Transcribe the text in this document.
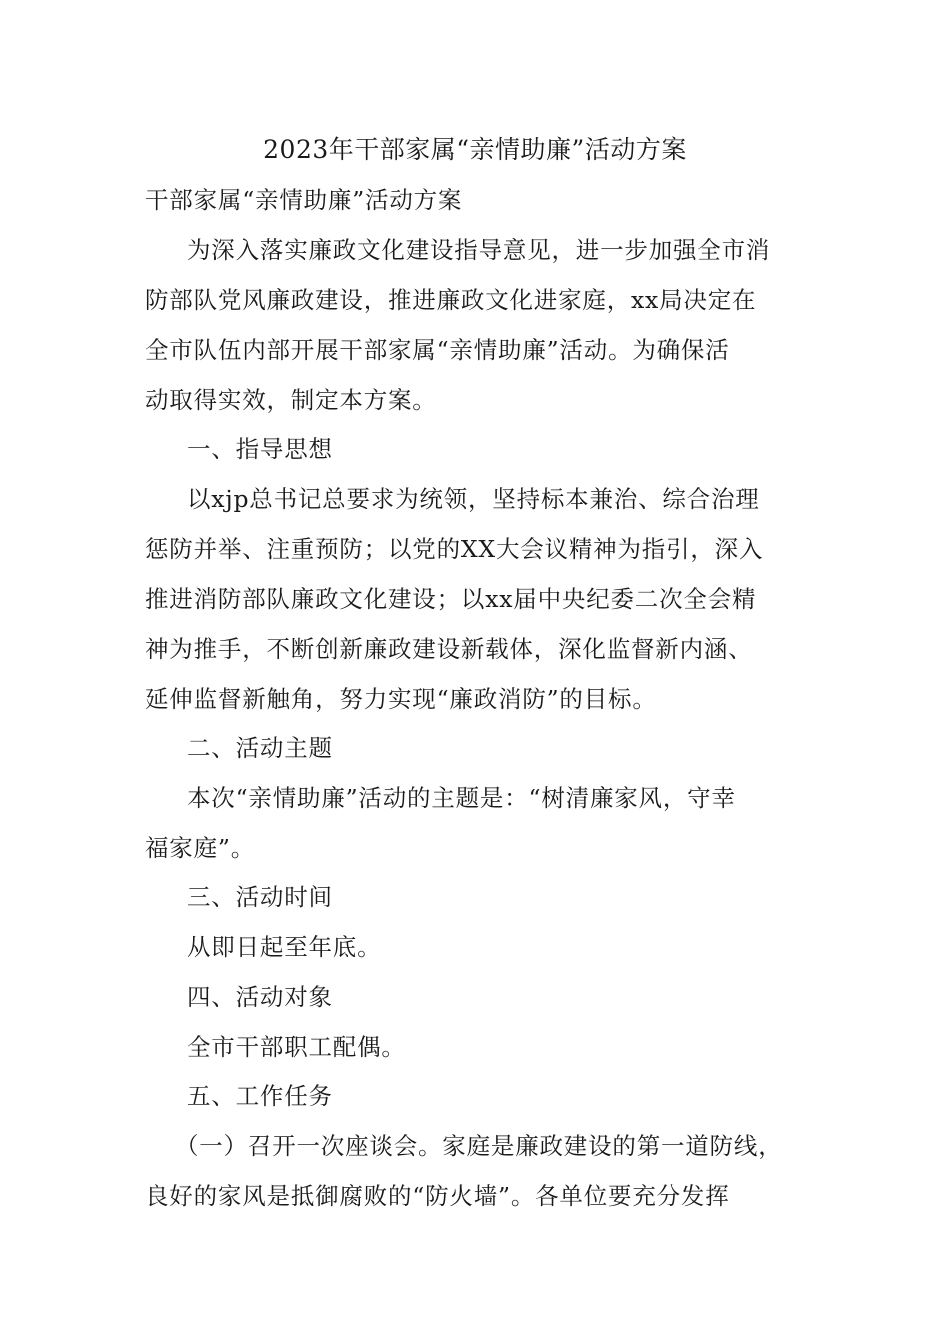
2023年干部家属“亲情助廉”活动方案
干部家属“亲情助廉”活动方案
为深入落实廉政文化建设指导意见，进一步加强全市消
防部队党风廉政建设，推进廉政文化进家庭，xx局决定在
全市队伍内部开展干部家属“亲情助廉”活动。为确保活
动取得实效，制定本方案。
一、指导思想
以xjp总书记总要求为统领，坚持标本兼治、综合治理
惩防并举、注重预防；以党的XX大会议精神为指引，深入
推进消防部队廉政文化建设；以xx届中央纪委二次全会精
神为推手，不断创新廉政建设新载体，深化监督新内涵、
延伸监督新触角，努力实现“廉政消防”的目标。
二、活动主题
本次“亲情助廉”活动的主题是：“树清廉家风，守幸
福家庭”。
三、活动时间
从即日起至年底。
四、活动对象
全市干部职工配偶。
五、工作任务
（一）召开一次座谈会。家庭是廉政建设的第一道防线，
良好的家风是抵御腐败的“防火墙”。各单位要充分发挥
